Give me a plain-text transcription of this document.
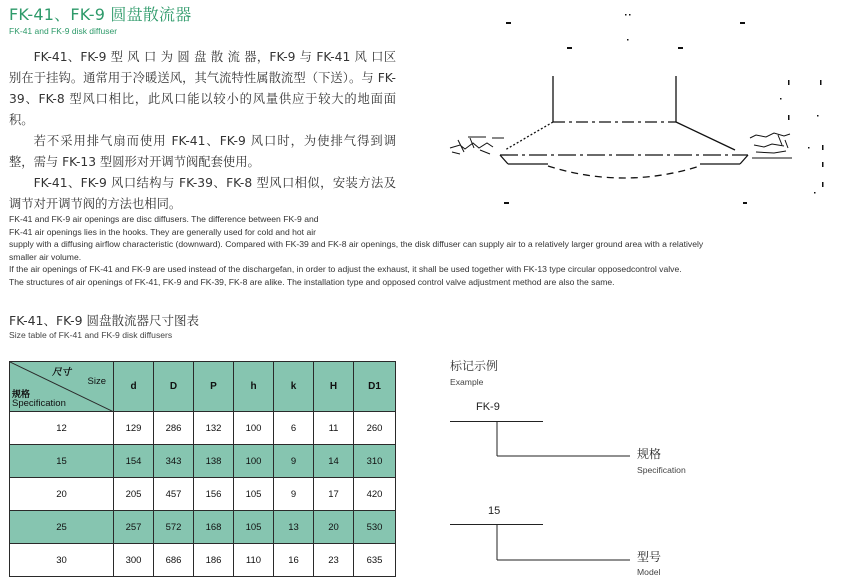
FK-41、FK-9 圆盘散流器
FK-41 and FK-9 disk diffuser

FK-41、FK-9 型 风 口 为 圆 盘 散 流 器，FK-9 与 FK-41 风 口区别在于挂钩。通常用于冷暖送风，其气流特性属散流型（下送）。与 FK-39、FK-8 型风口相比，此风口能以较小的风量供应于较大的地面面积。

若不采用排气扇而使用 FK-41、FK-9 风口时，为使排气得到调整，需与 FK-13 型圆形对开调节阀配套使用。

FK-41、FK-9 风口结构与 FK-39、FK-8 型风口相似，安装方法及调节对开调节阀的方法也相同。

FK-41 and FK-9 air openings are disc diffusers. The difference between FK-9 and

FK-41 air openings lies in the hooks. They are generally used for cold and hot air

supply with a diffusing airflow characteristic (downward). Compared with FK-39 and FK-8 air openings, the disk diffuser can supply air to a relatively larger ground area with a relatively

smaller air volume.

If the air openings of FK-41 and FK-9 are used instead of the dischargefan, in order to adjust the exhaust, it shall be used together with FK-13 type circular opposedcontrol valve.

The structures of air openings of FK-41, FK-9 and FK-39, FK-8 are alike. The installation type and opposed control valve adjustment method are also the same.

FK-41、FK-9 圆盘散流器尺寸图表
Size table of FK-41 and FK-9 disk diffusers
尺寸
Size
规格
Specification	d	D	P	h	k	H	D1
12	129	286	132	100	6	11	260
15	154	343	138	100	9	14	310
20	205	457	156	105	9	17	420
25	257	572	168	105	13	20	530
30	300	686	186	110	16	23	635
标记示例
Example
FK-9
规格
Specification
15
型号
Model
